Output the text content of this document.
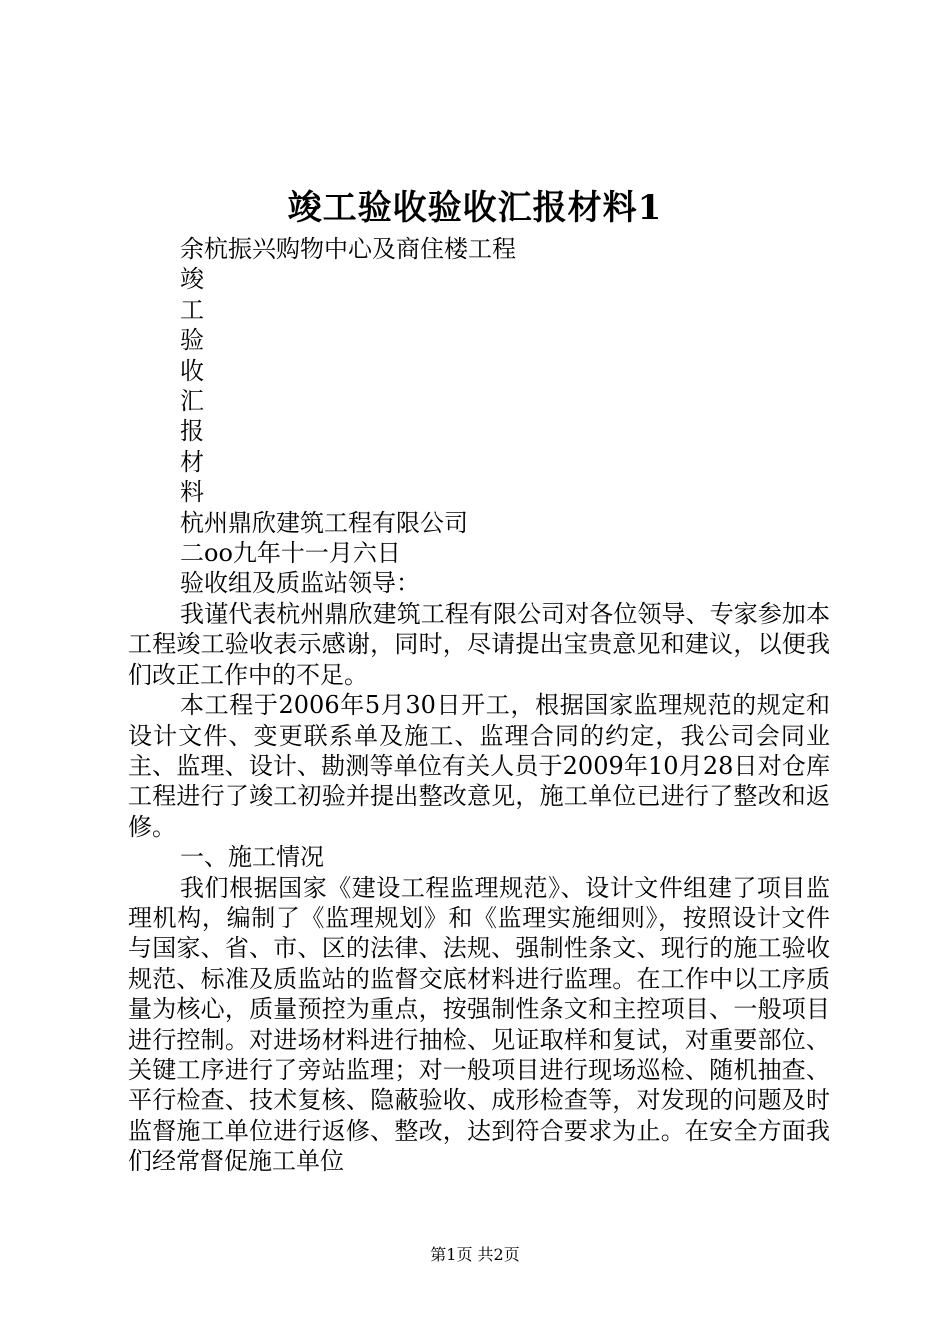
竣工验收验收汇报材料1
余杭振兴购物中心及商住楼工程
竣
工
验
收
汇
报
材
料
杭州鼎欣建筑工程有限公司
二oo九年十一月六日
验收组及质监站领导：

我谨代表杭州鼎欣建筑工程有限公司对各位领导、专家参加本工程竣工验收表示感谢，同时，尽请提出宝贵意见和建议，以便我们改正工作中的不足。

本工程于2006年5月30日开工，根据国家监理规范的规定和设计文件、变更联系单及施工、监理合同的约定，我公司会同业主、监理、设计、勘测等单位有关人员于2009年10月28日对仓库工程进行了竣工初验并提出整改意见，施工单位已进行了整改和返修。

一、施工情况

我们根据国家《建设工程监理规范》、设计文件组建了项目监理机构，编制了《监理规划》和《监理实施细则》，按照设计文件与国家、省、市、区的法律、法规、强制性条文、现行的施工验收规范、标准及质监站的监督交底材料进行监理。在工作中以工序质量为核心，质量预控为重点，按强制性条文和主控项目、一般项目进行控制。对进场材料进行抽检、见证取样和复试，对重要部位、关键工序进行了旁站监理；对一般项目进行现场巡检、随机抽查、平行检查、技术复核、隐蔽验收、成形检查等，对发现的问题及时监督施工单位进行返修、整改，达到符合要求为止。在安全方面我们经常督促施工单位

第1页 共2页
